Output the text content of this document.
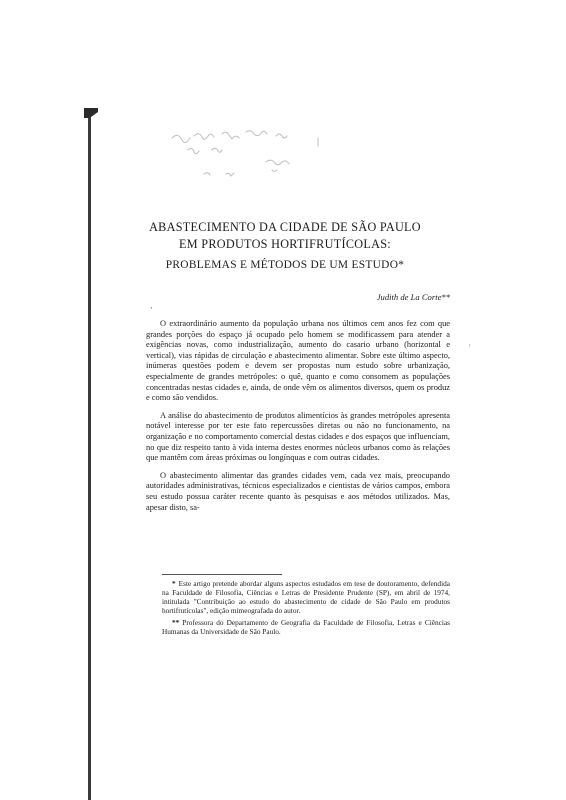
ABASTECIMENTO DA CIDADE DE SÃO PAULO
EM PRODUTOS HORTIFRUTÍCOLAS:
PROBLEMAS E MÉTODOS DE UM ESTUDO*
Judith de La Corte**
‚
'

O extraordinário aumento da população urbana nos últimos cem anos fez com que grandes porções do espaço já ocupado pelo homem se modificassem para atender a exigências novas, como industrialização, aumento do casario urbano (horizontal e vertical), vias rápidas de circulação e abastecimento alimentar. Sobre este último aspecto, inúmeras questões podem e devem ser propostas num estudo sobre urbanização, especialmente de grandes metrópoles: o quê, quanto e como consomem as populações concentradas nestas cidades e, ainda, de onde vêm os alimentos diversos, quem os produz e como são vendidos.

A análise do abastecimento de produtos alimentícios às grandes metrópoles apresenta notável interesse por ter este fato repercussões diretas ou não no funcionamento, na organização e no comportamento comercial destas cidades e dos espaços que influenciam, no que diz respeito tanto à vida interna destes enormes núcleos urbanos como às relações que mantêm com áreas próximas ou longínquas e com outras cidades.

O abastecimento alimentar das grandes cidades vem, cada vez mais, preocupando autoridades administrativas, técnicos especializados e cientistas de vários campos, embora seu estudo possua caráter recente quanto às pesquisas e aos métodos utilizados. Mas, apesar disto, sa-

* Este artigo pretende abordar alguns aspectos estudados em tese de doutoramento, defendida na Faculdade de Filosofia, Ciências e Letras de Presidente Prudente (SP), em abril de 1974, intitulada "Contribuição ao estudo do abastecimento de cidade de São Paulo em produtos hortifrutícolas", edição mimeografada do autor.

** Professora do Departamento de Geografia da Faculdade de Filosofia, Letras e Ciências Humanas da Universidade de São Paulo.
